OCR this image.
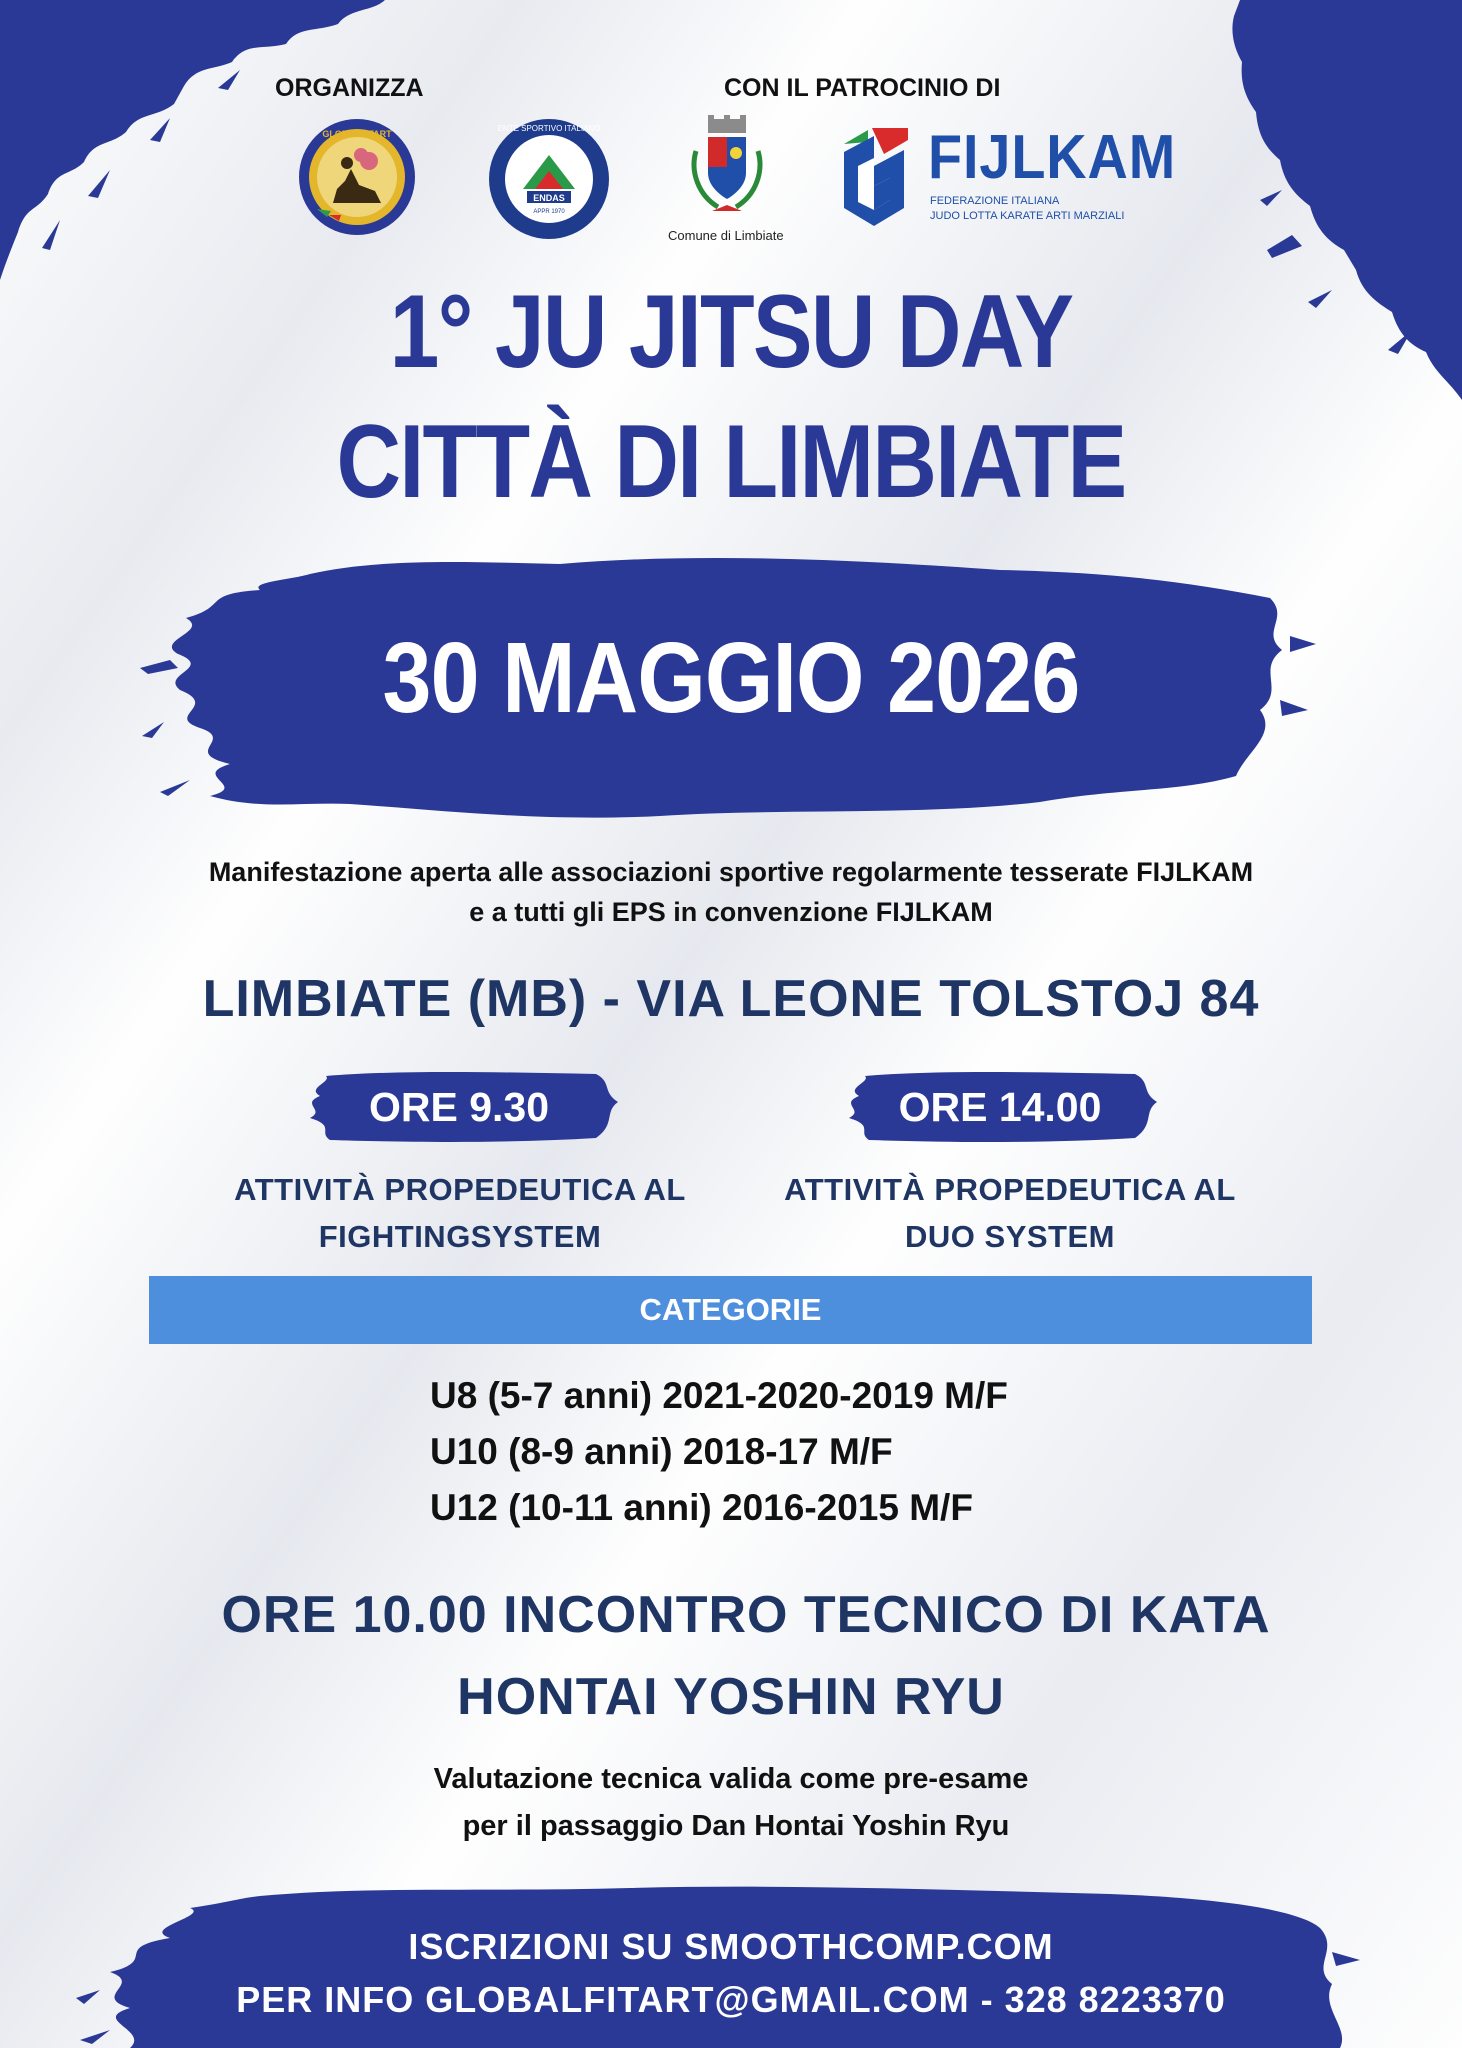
ORGANIZZA	CON IL PATROCINIO DI
GLOBALFITART
ENDAS
APPR 1970
ENTE SPORTIVO ITALIANO
★	★
Comune di Limbiate
FIJLKAM
FEDERAZIONE ITALIANA
JUDO LOTTA KARATE ARTI MARZIALI
1° JU JITSU DAY
CITTÀ DI LIMBIATE
30 MAGGIO 2026
Manifestazione aperta alle associazioni sportive regolarmente tesserate FIJLKAM
e a tutti gli EPS in convenzione FIJLKAM
LIMBIATE (MB) - VIA LEONE TOLSTOJ 84
ORE 9.30	ORE 14.00
ATTIVITÀ PROPEDEUTICA AL
FIGHTINGSYSTEM
ATTIVITÀ PROPEDEUTICA AL
DUO SYSTEM
CATEGORIE
U8 (5-7 anni) 2021-2020-2019 M/F
U10 (8-9 anni) 2018-17 M/F
U12 (10-11 anni) 2016-2015 M/F
ORE 10.00 INCONTRO TECNICO DI KATA
HONTAI YOSHIN RYU
Valutazione tecnica valida come pre-esame
per il passaggio Dan Hontai Yoshin Ryu
ISCRIZIONI SU SMOOTHCOMP.COM
PER INFO GLOBALFITART@GMAIL.COM - 328 8223370
